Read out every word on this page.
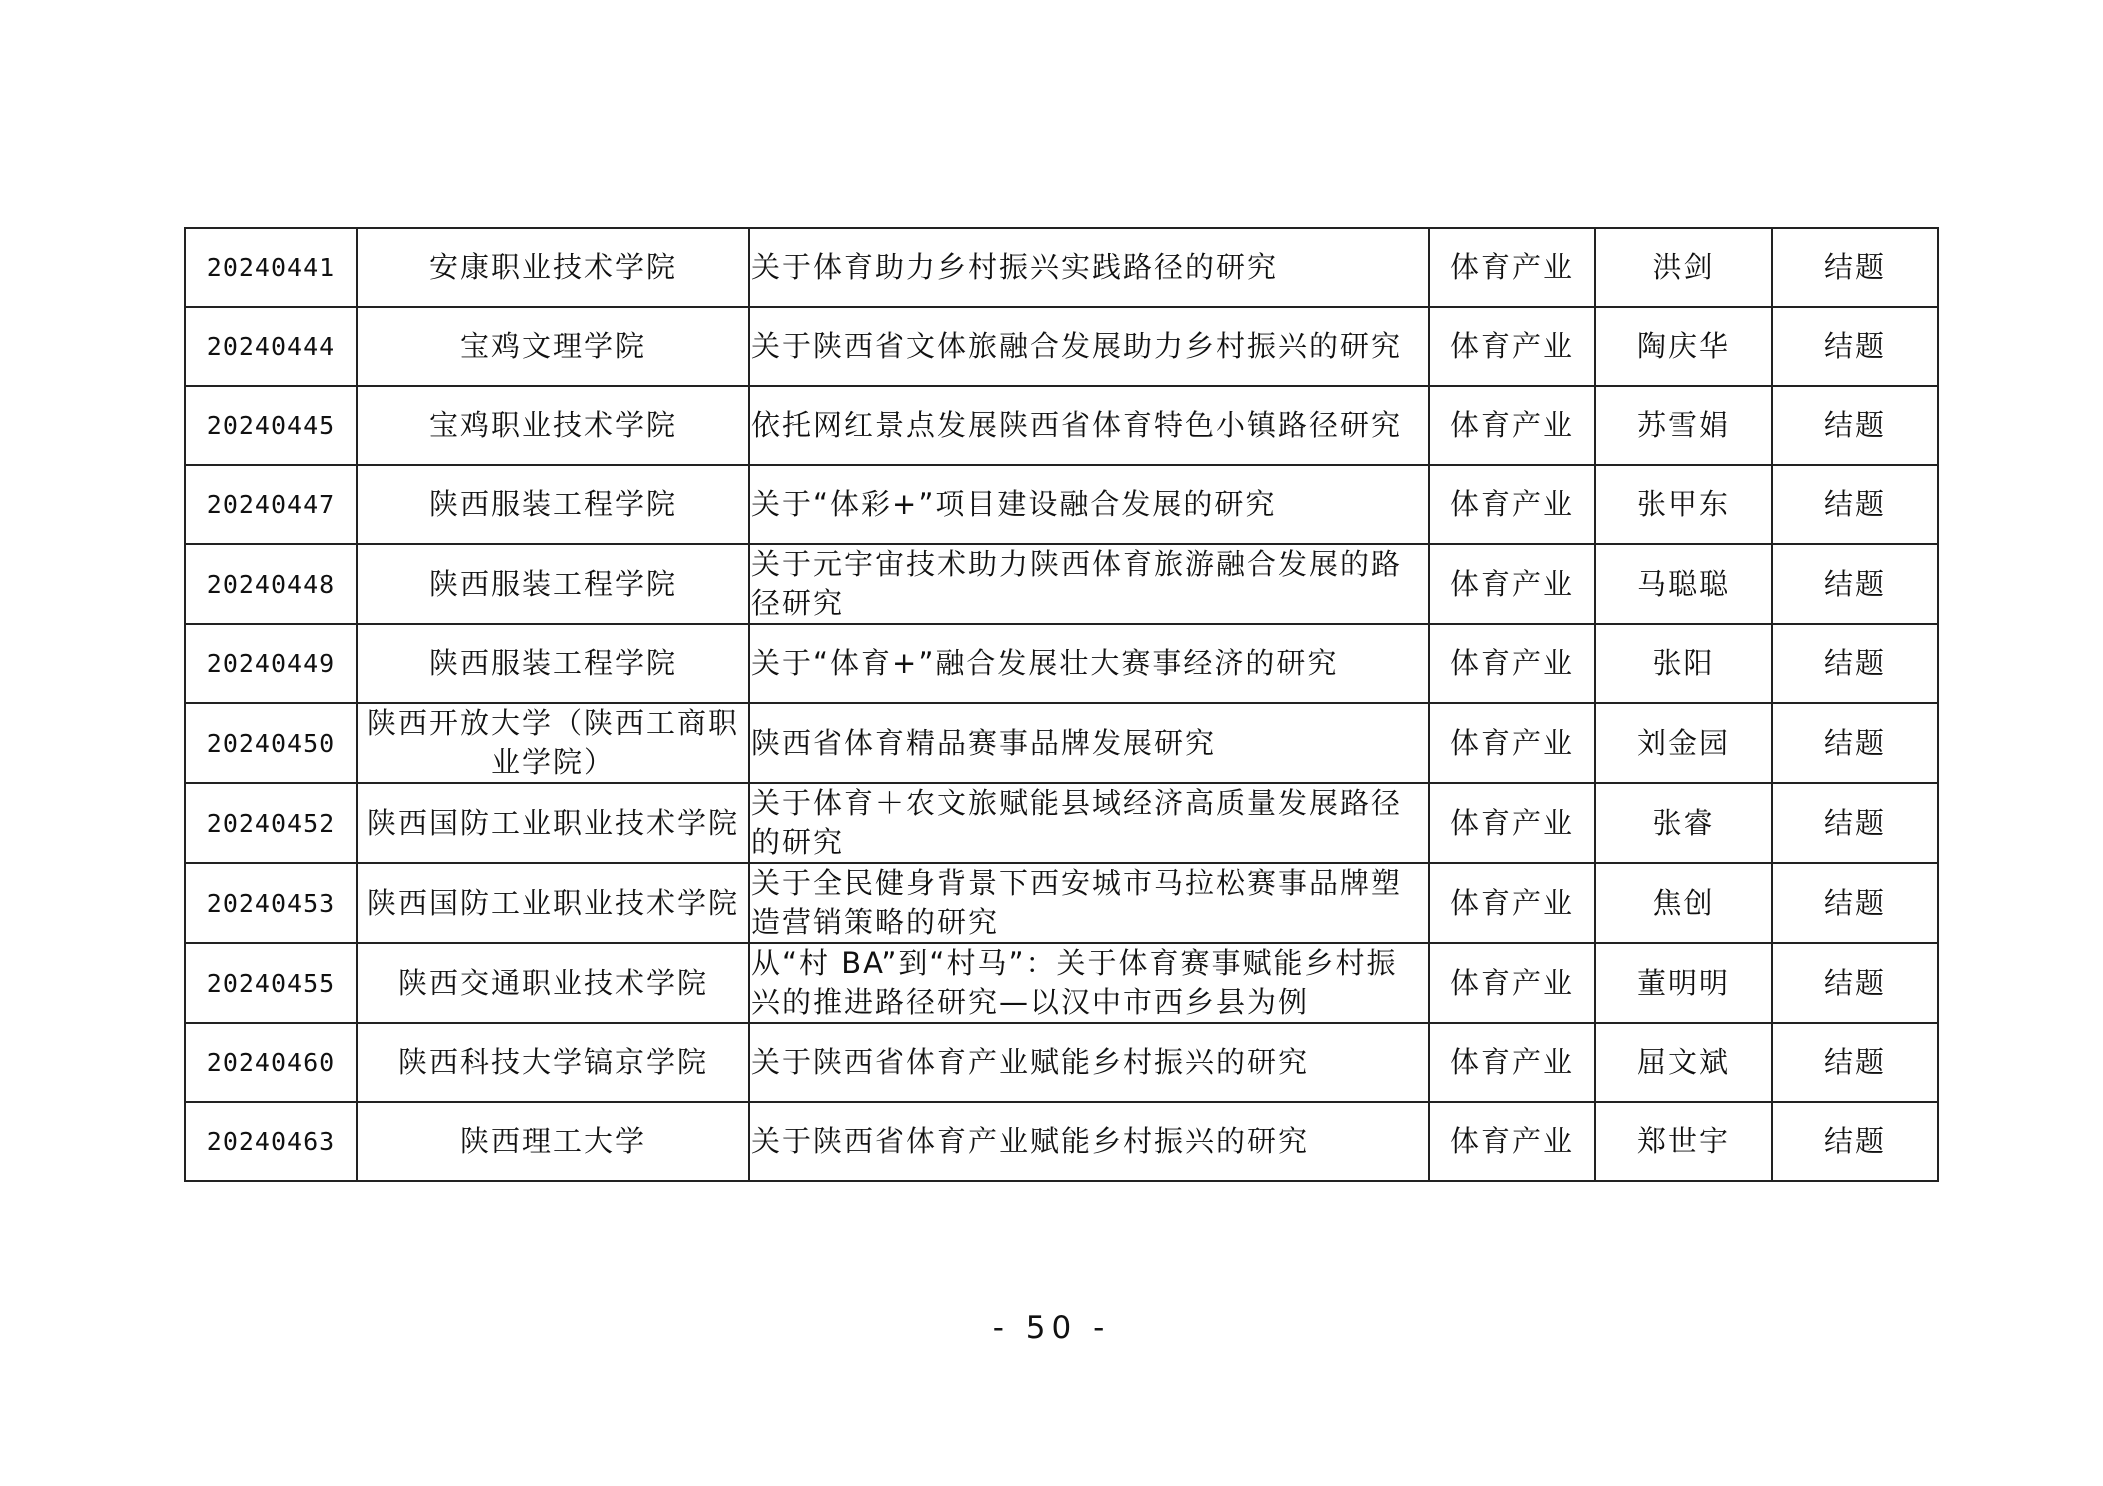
20240441	安康职业技术学院	关于体育助力乡村振兴实践路径的研究	体育产业	洪剑	结题
20240444	宝鸡文理学院	关于陕西省文体旅融合发展助力乡村振兴的研究	体育产业	陶庆华	结题
20240445	宝鸡职业技术学院	依托网红景点发展陕西省体育特色小镇路径研究	体育产业	苏雪娟	结题
20240447	陕西服装工程学院	关于“体彩+”项目建设融合发展的研究	体育产业	张甲东	结题
20240448	陕西服装工程学院	关于元宇宙技术助力陕西体育旅游融合发展的路径研究	体育产业	马聪聪	结题
20240449	陕西服装工程学院	关于“体育+”融合发展壮大赛事经济的研究	体育产业	张阳	结题
20240450	陕西开放大学（陕西工商职业学院）	陕西省体育精品赛事品牌发展研究	体育产业	刘金园	结题
20240452	陕西国防工业职业技术学院	关于体育＋农文旅赋能县域经济高质量发展路径的研究	体育产业	张睿	结题
20240453	陕西国防工业职业技术学院	关于全民健身背景下西安城市马拉松赛事品牌塑造营销策略的研究	体育产业	焦创	结题
20240455	陕西交通职业技术学院	从“村 BA”到“村马”：关于体育赛事赋能乡村振兴的推进路径研究—以汉中市西乡县为例	体育产业	董明明	结题
20240460	陕西科技大学镐京学院	关于陕西省体育产业赋能乡村振兴的研究	体育产业	屈文斌	结题
20240463	陕西理工大学	关于陕西省体育产业赋能乡村振兴的研究	体育产业	郑世宇	结题
- 50 -
